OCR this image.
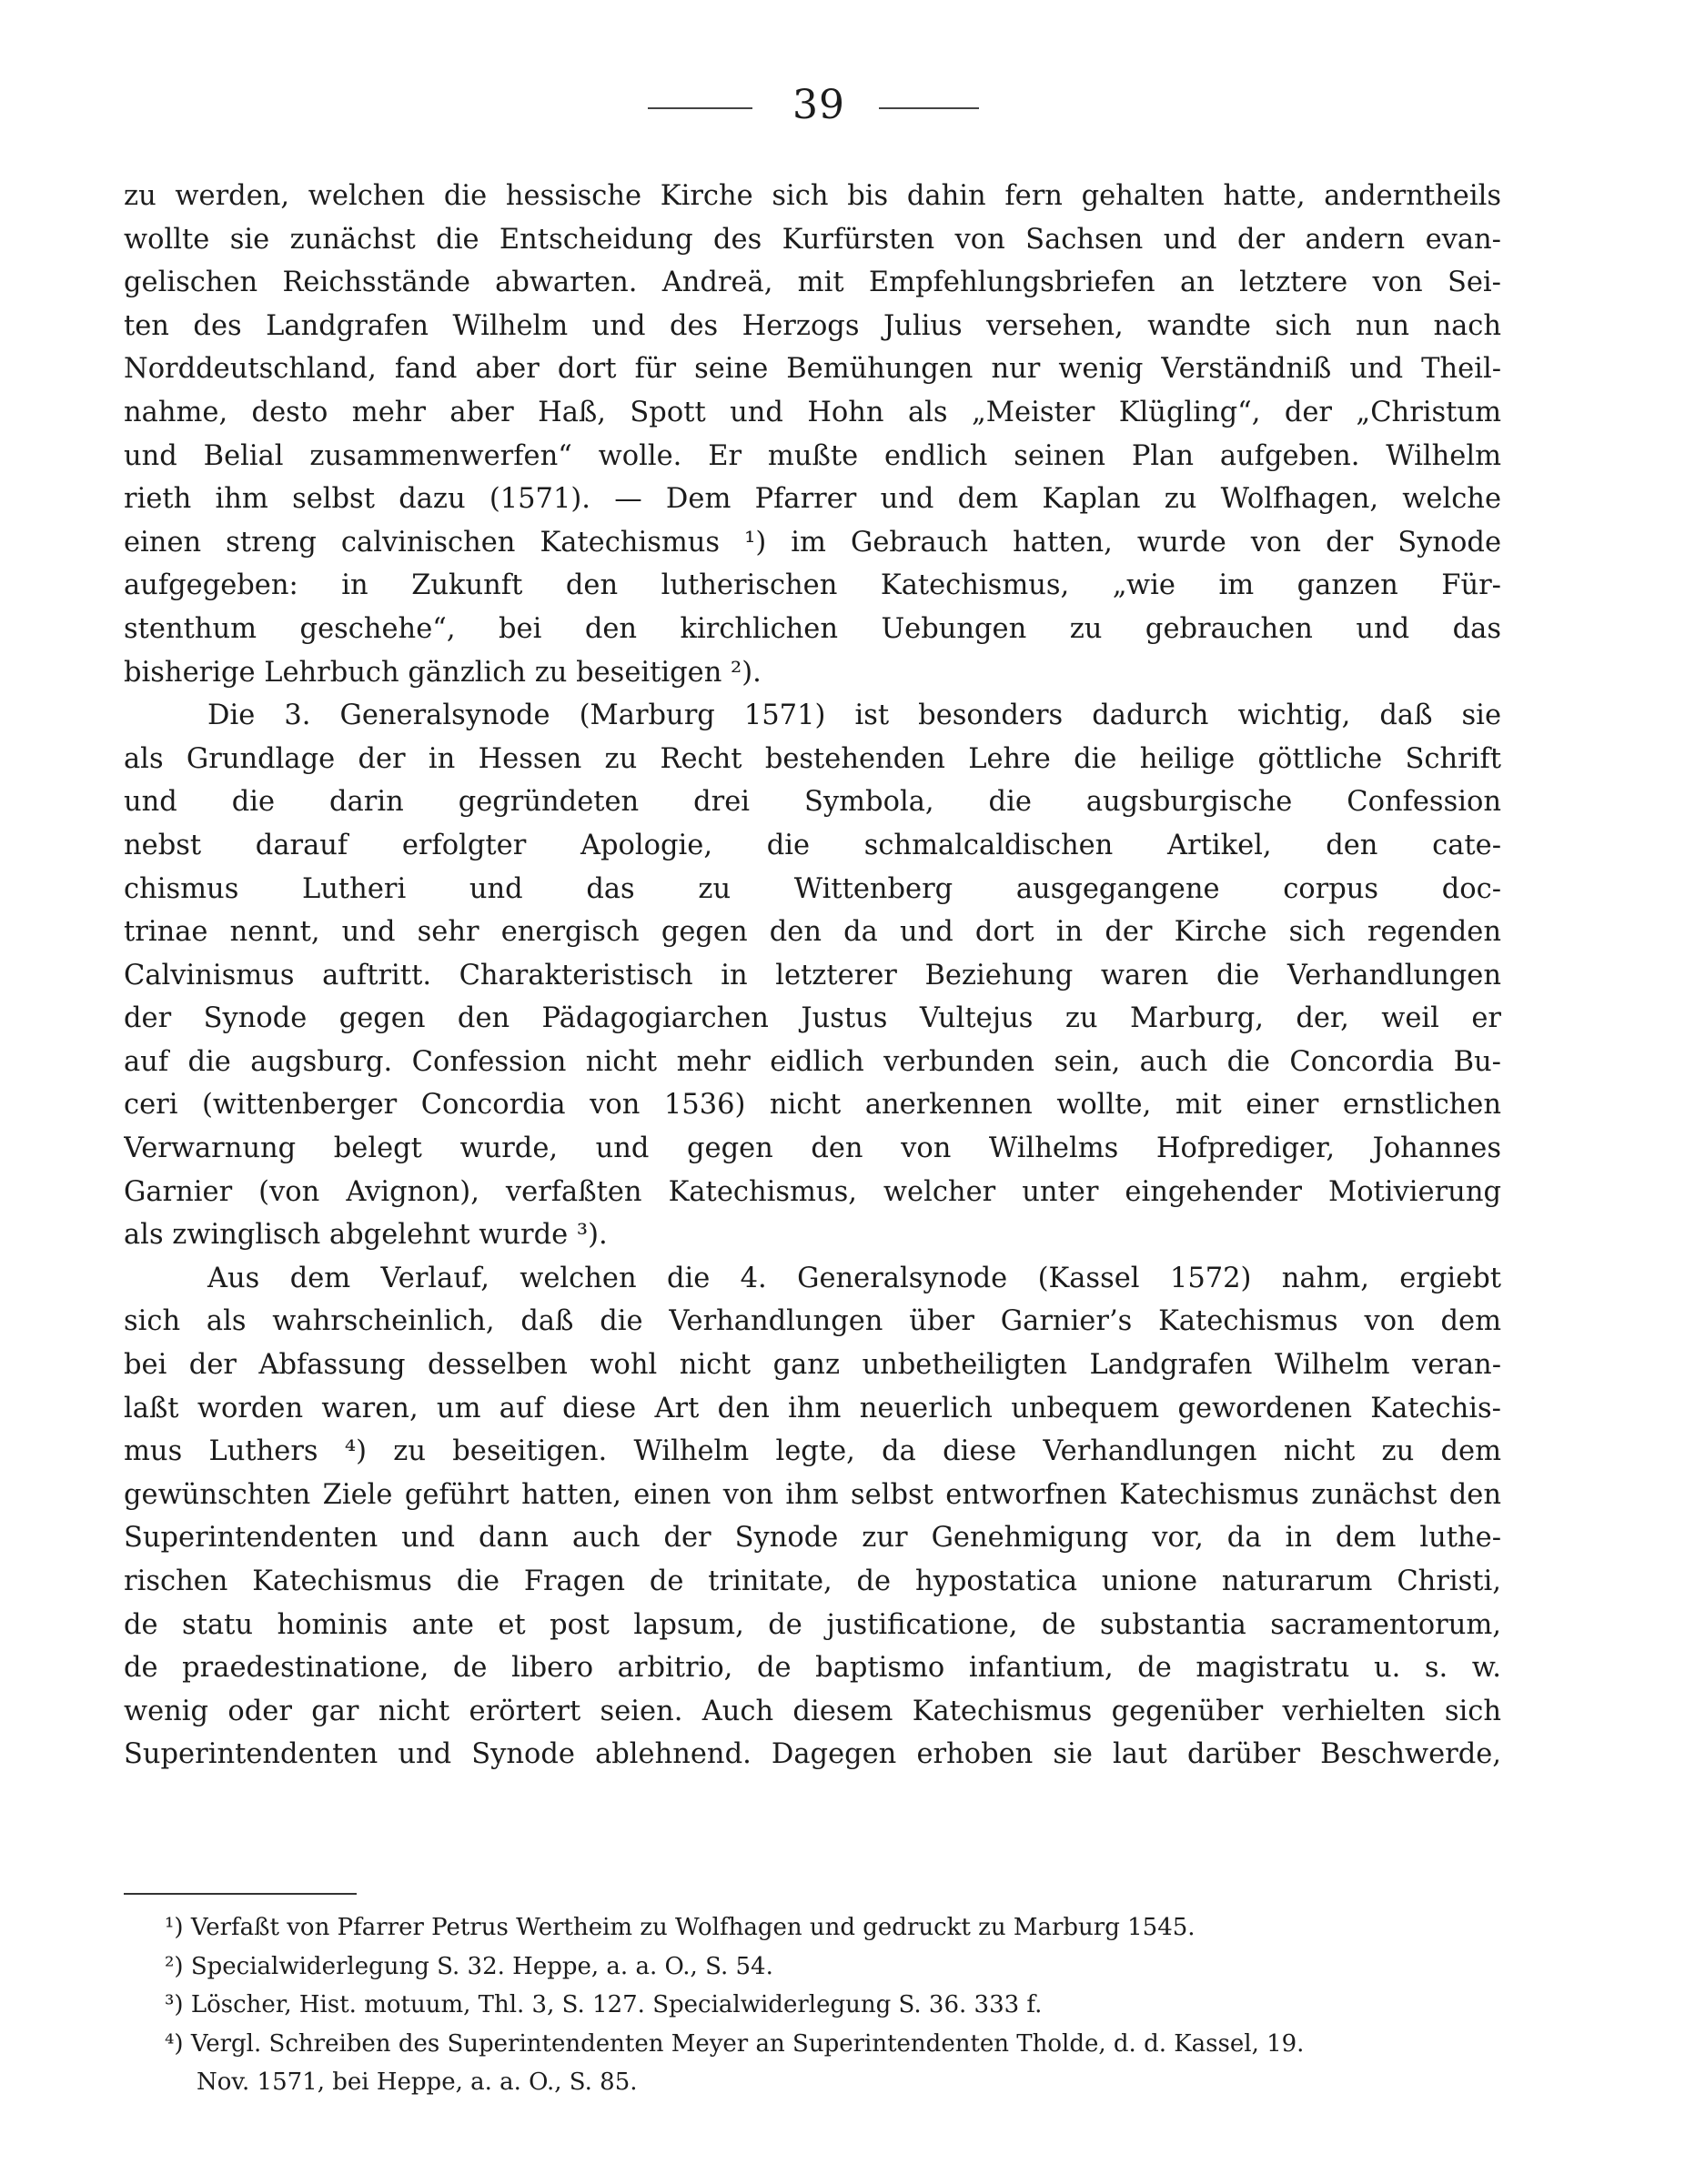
39
zu werden, welchen die hessische Kirche sich bis dahin fern gehalten hatte, anderntheils
wollte sie zunächst die Entscheidung des Kurfürsten von Sachsen und der andern evan-
gelischen Reichsstände abwarten. Andreä, mit Empfehlungsbriefen an letztere von Sei-
ten des Landgrafen Wilhelm und des Herzogs Julius versehen, wandte sich nun nach
Norddeutschland, fand aber dort für seine Bemühungen nur wenig Verständniß und Theil-
nahme, desto mehr aber Haß, Spott und Hohn als „Meister Klügling“, der „Christum
und Belial zusammenwerfen“ wolle. Er mußte endlich seinen Plan aufgeben. Wilhelm
rieth ihm selbst dazu (1571). — Dem Pfarrer und dem Kaplan zu Wolfhagen, welche
einen streng calvinischen Katechismus ¹) im Gebrauch hatten, wurde von der Synode
aufgegeben: in Zukunft den lutherischen Katechismus, „wie im ganzen Für-
stenthum geschehe“, bei den kirchlichen Uebungen zu gebrauchen und das
bisherige Lehrbuch gänzlich zu beseitigen ²).
Die 3. Generalsynode (Marburg 1571) ist besonders dadurch wichtig, daß sie
als Grundlage der in Hessen zu Recht bestehenden Lehre die heilige göttliche Schrift
und die darin gegründeten drei Symbola, die augsburgische Confession
nebst darauf erfolgter Apologie, die schmalcaldischen Artikel, den cate-
chismus Lutheri und das zu Wittenberg ausgegangene corpus doc-
trinae nennt, und sehr energisch gegen den da und dort in der Kirche sich regenden
Calvinismus auftritt. Charakteristisch in letzterer Beziehung waren die Verhandlungen
der Synode gegen den Pädagogiarchen Justus Vultejus zu Marburg, der, weil er
auf die augsburg. Confession nicht mehr eidlich verbunden sein, auch die Concordia Bu-
ceri (wittenberger Concordia von 1536) nicht anerkennen wollte, mit einer ernstlichen
Verwarnung belegt wurde, und gegen den von Wilhelms Hofprediger, Johannes
Garnier (von Avignon), verfaßten Katechismus, welcher unter eingehender Motivierung
als zwinglisch abgelehnt wurde ³).
Aus dem Verlauf, welchen die 4. Generalsynode (Kassel 1572) nahm, ergiebt
sich als wahrscheinlich, daß die Verhandlungen über Garnier’s Katechismus von dem
bei der Abfassung desselben wohl nicht ganz unbetheiligten Landgrafen Wilhelm veran-
laßt worden waren, um auf diese Art den ihm neuerlich unbequem gewordenen Katechis-
mus Luthers ⁴) zu beseitigen. Wilhelm legte, da diese Verhandlungen nicht zu dem
gewünschten Ziele geführt hatten, einen von ihm selbst entworfnen Katechismus zunächst den
Superintendenten und dann auch der Synode zur Genehmigung vor, da in dem luthe-
rischen Katechismus die Fragen de trinitate, de hypostatica unione naturarum Christi,
de statu hominis ante et post lapsum, de justificatione, de substantia sacramentorum,
de praedestinatione, de libero arbitrio, de baptismo infantium, de magistratu u. s. w.
wenig oder gar nicht erörtert seien. Auch diesem Katechismus gegenüber verhielten sich
Superintendenten und Synode ablehnend. Dagegen erhoben sie laut darüber Beschwerde,
¹) Verfaßt von Pfarrer Petrus Wertheim zu Wolfhagen und gedruckt zu Marburg 1545.
²) Specialwiderlegung S. 32. Heppe, a. a. O., S. 54.
³) Löscher, Hist. motuum, Thl. 3, S. 127. Specialwiderlegung S. 36. 333 f.
⁴) Vergl. Schreiben des Superintendenten Meyer an Superintendenten Tholde, d. d. Kassel, 19.
Nov. 1571, bei Heppe, a. a. O., S. 85.
